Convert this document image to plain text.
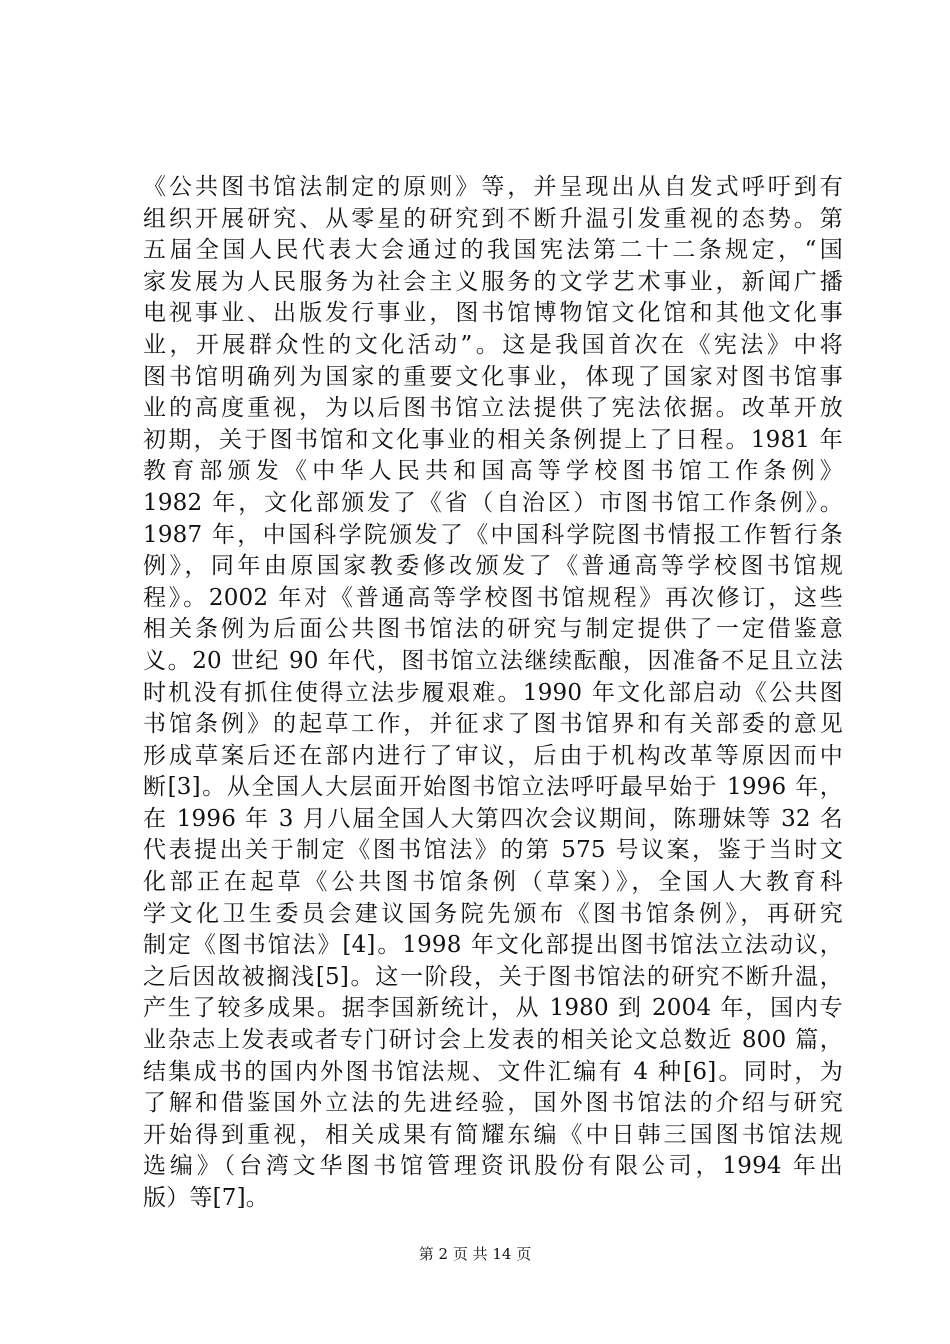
《公共图书馆法制定的原则》等，并呈现出从自发式呼吁到有
组织开展研究、从零星的研究到不断升温引发重视的态势。第
五届全国人民代表大会通过的我国宪法第二十二条规定，“国
家发展为人民服务为社会主义服务的文学艺术事业，新闻广播
电视事业、出版发行事业，图书馆博物馆文化馆和其他文化事
业，开展群众性的文化活动”。这是我国首次在《宪法》中将
图书馆明确列为国家的重要文化事业，体现了国家对图书馆事
业的高度重视，为以后图书馆立法提供了宪法依据。改革开放
初期，关于图书馆和文化事业的相关条例提上了日程。1981 年
教育部颁发《中华人民共和国高等学校图书馆工作条例》
1982 年，文化部颁发了《省（自治区）市图书馆工作条例》。
1987 年，中国科学院颁发了《中国科学院图书情报工作暂行条
例》，同年由原国家教委修改颁发了《普通高等学校图书馆规
程》。2002 年对《普通高等学校图书馆规程》再次修订，这些
相关条例为后面公共图书馆法的研究与制定提供了一定借鉴意
义。20 世纪 90 年代，图书馆立法继续酝酿，因准备不足且立法
时机没有抓住使得立法步履艰难。1990 年文化部启动《公共图
书馆条例》的起草工作，并征求了图书馆界和有关部委的意见
形成草案后还在部内进行了审议，后由于机构改革等原因而中
断[3]。从全国人大层面开始图书馆立法呼吁最早始于 1996 年，
在 1996 年 3 月八届全国人大第四次会议期间，陈珊妹等 32 名
代表提出关于制定《图书馆法》的第 575 号议案，鉴于当时文
化部正在起草《公共图书馆条例（草案）》，全国人大教育科
学文化卫生委员会建议国务院先颁布《图书馆条例》，再研究
制定《图书馆法》[4]。1998 年文化部提出图书馆法立法动议，
之后因故被搁浅[5]。这一阶段，关于图书馆法的研究不断升温，
产生了较多成果。据李国新统计，从 1980 到 2004 年，国内专
业杂志上发表或者专门研讨会上发表的相关论文总数近 800 篇，
结集成书的国内外图书馆法规、文件汇编有 4 种[6]。同时，为
了解和借鉴国外立法的先进经验，国外图书馆法的介绍与研究
开始得到重视，相关成果有简耀东编《中日韩三国图书馆法规
选编》（台湾文华图书馆管理资讯股份有限公司，1994 年出
版）等[7]。
第 2 页 共 14 页
